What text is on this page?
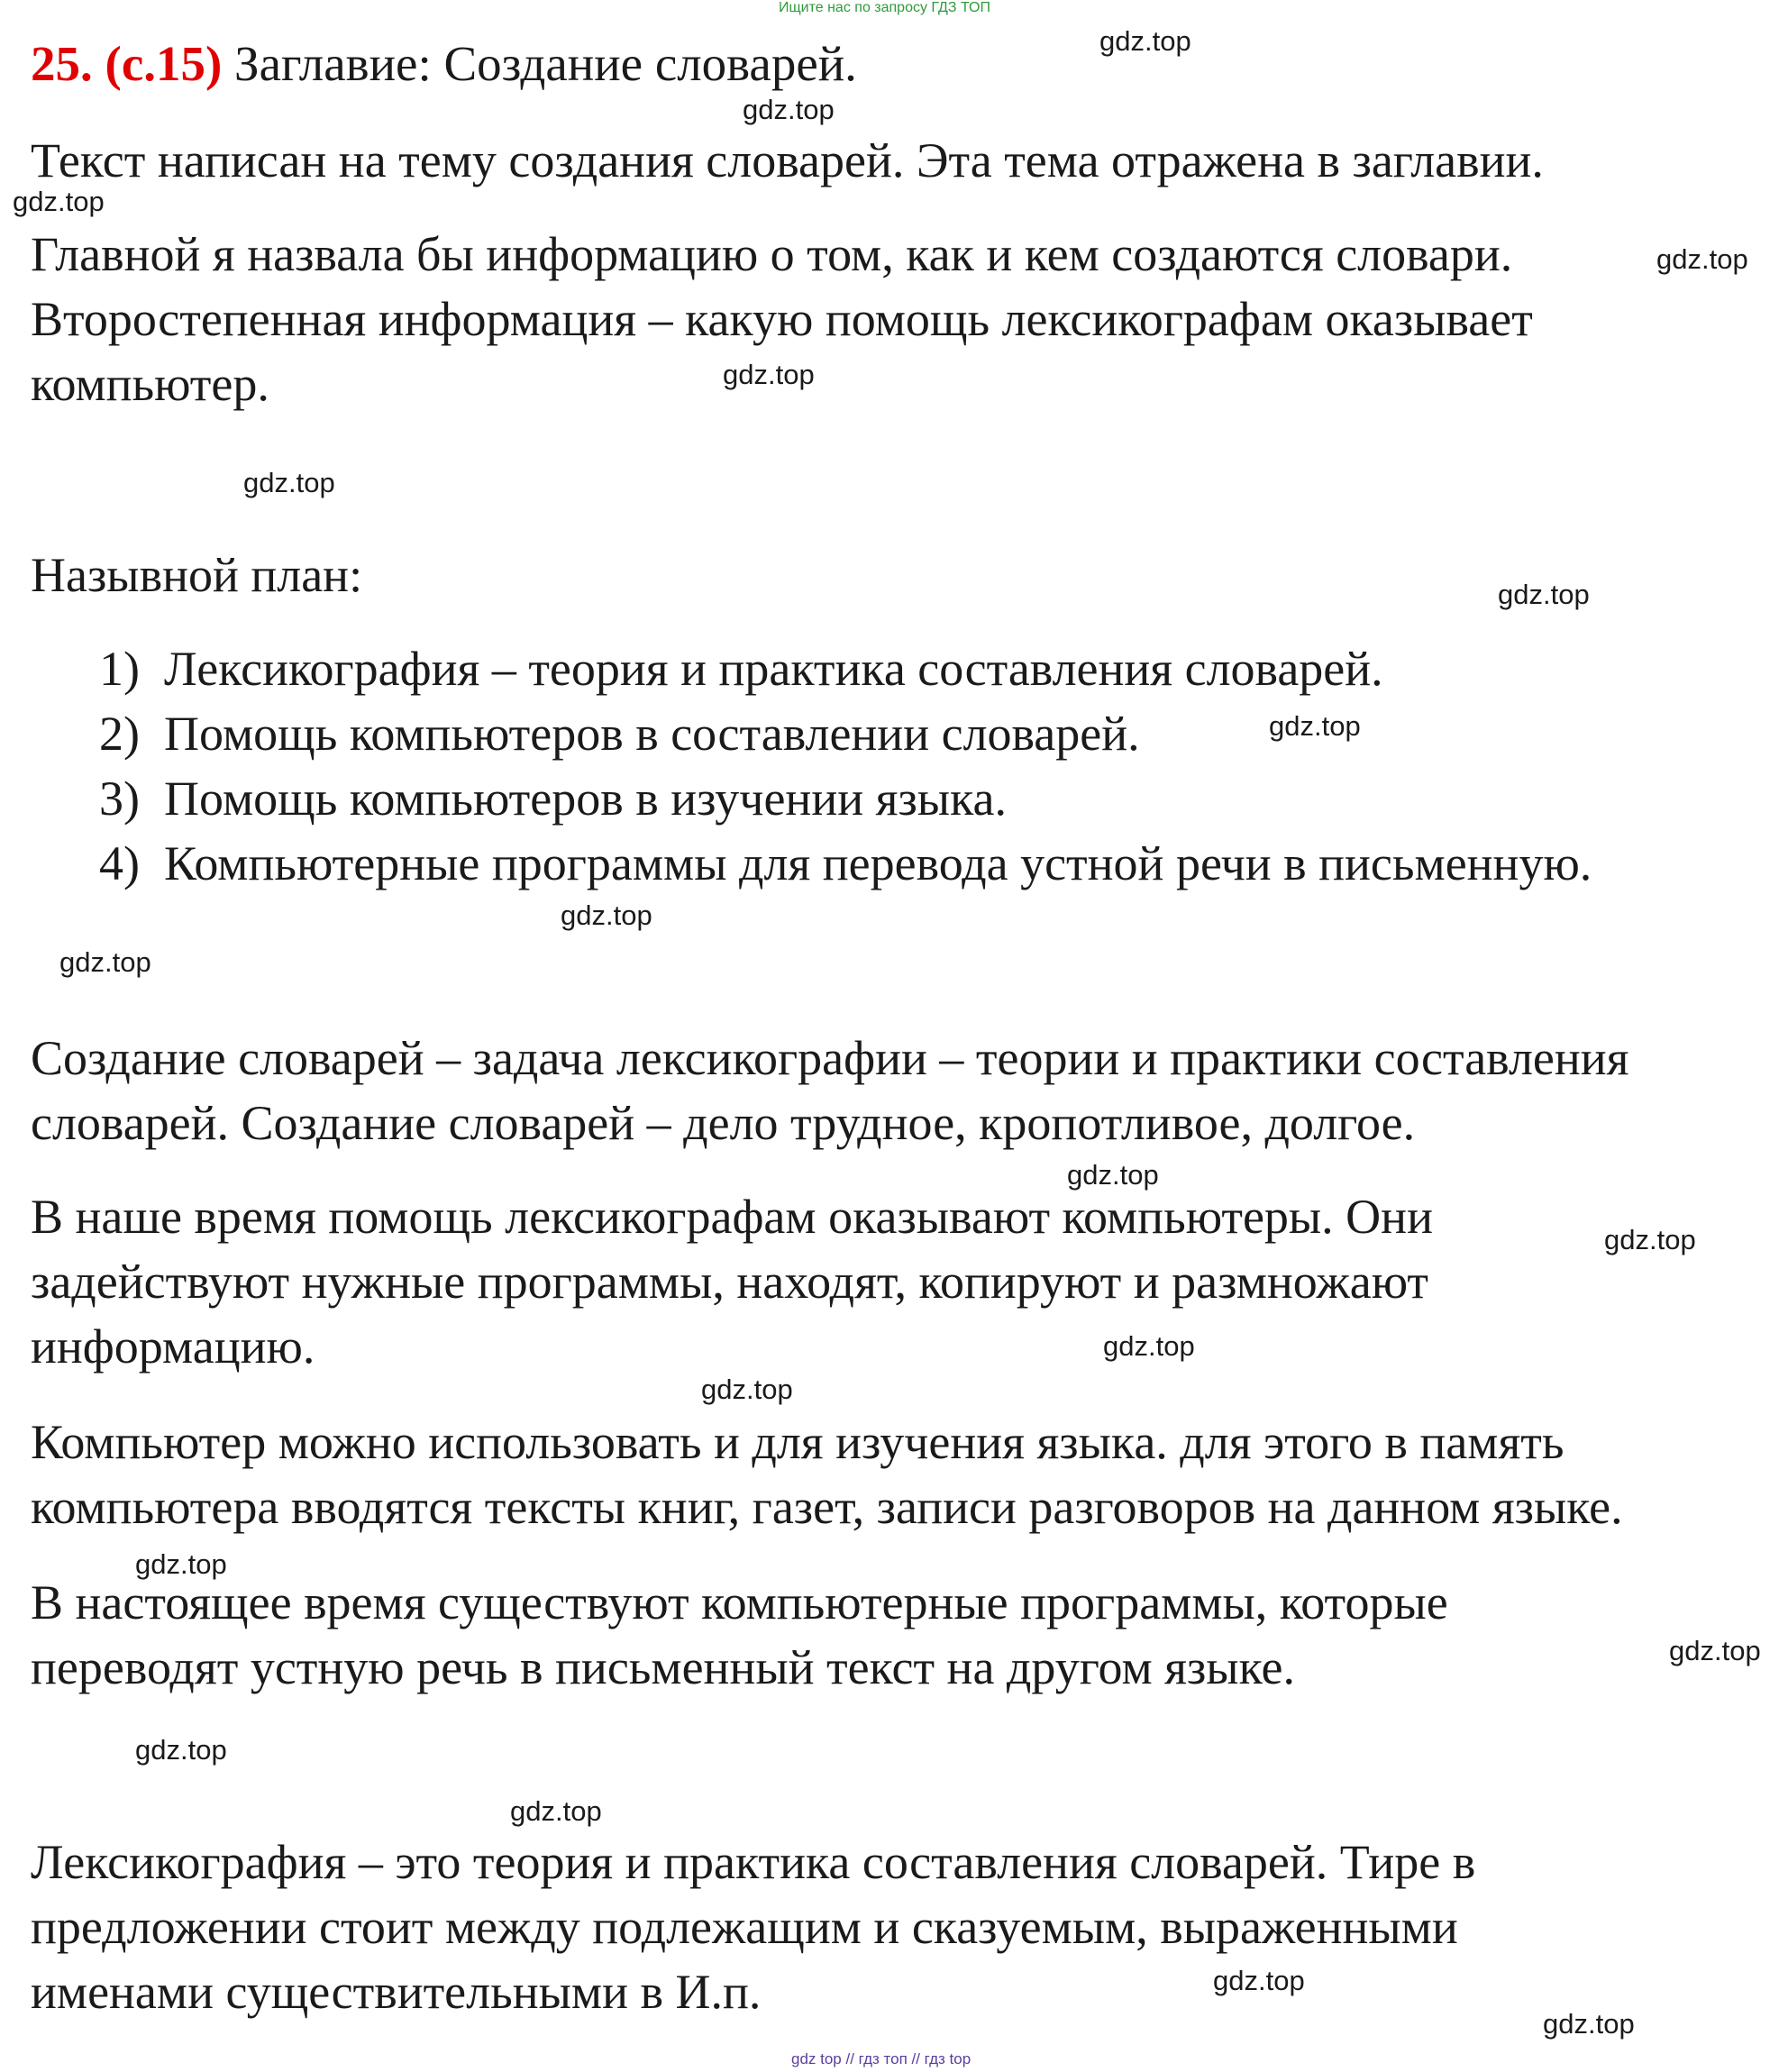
Ищите нас по запросу ГДЗ ТОП
25. (с.15) Заглавие: Создание словарей.
Текст написан на тему создания словарей. Эта тема отражена в заглавии.
Главной я назвала бы информацию о том, как и кем создаются словари.
Второстепенная информация – какую помощь лексикографам оказывает
компьютер.
Назывной план:
1) Лексикография – теория и практика составления словарей.
2) Помощь компьютеров в составлении словарей.
3) Помощь компьютеров в изучении языка.
4) Компьютерные программы для перевода устной речи в письменную.
Создание словарей – задача лексикографии – теории и практики составления
словарей. Создание словарей – дело трудное, кропотливое, долгое.
В наше время помощь лексикографам оказывают компьютеры. Они
задействуют нужные программы, находят, копируют и размножают
информацию.
Компьютер можно использовать и для изучения языка. для этого в память
компьютера вводятся тексты книг, газет, записи разговоров на данном языке.
В настоящее время существуют компьютерные программы, которые
переводят устную речь в письменный текст на другом языке.
Лексикография – это теория и практика составления словарей. Тире в
предложении стоит между подлежащим и сказуемым, выраженными
именами существительными в И.п.
gdz.top
gdz.top
gdz.top
gdz.top
gdz.top
gdz.top
gdz.top
gdz.top
gdz.top
gdz.top
gdz.top
gdz.top
gdz.top
gdz.top
gdz.top
gdz.top
gdz.top
gdz.top
gdz.top
gdz.top
gdz top // гдз топ // гдз top
